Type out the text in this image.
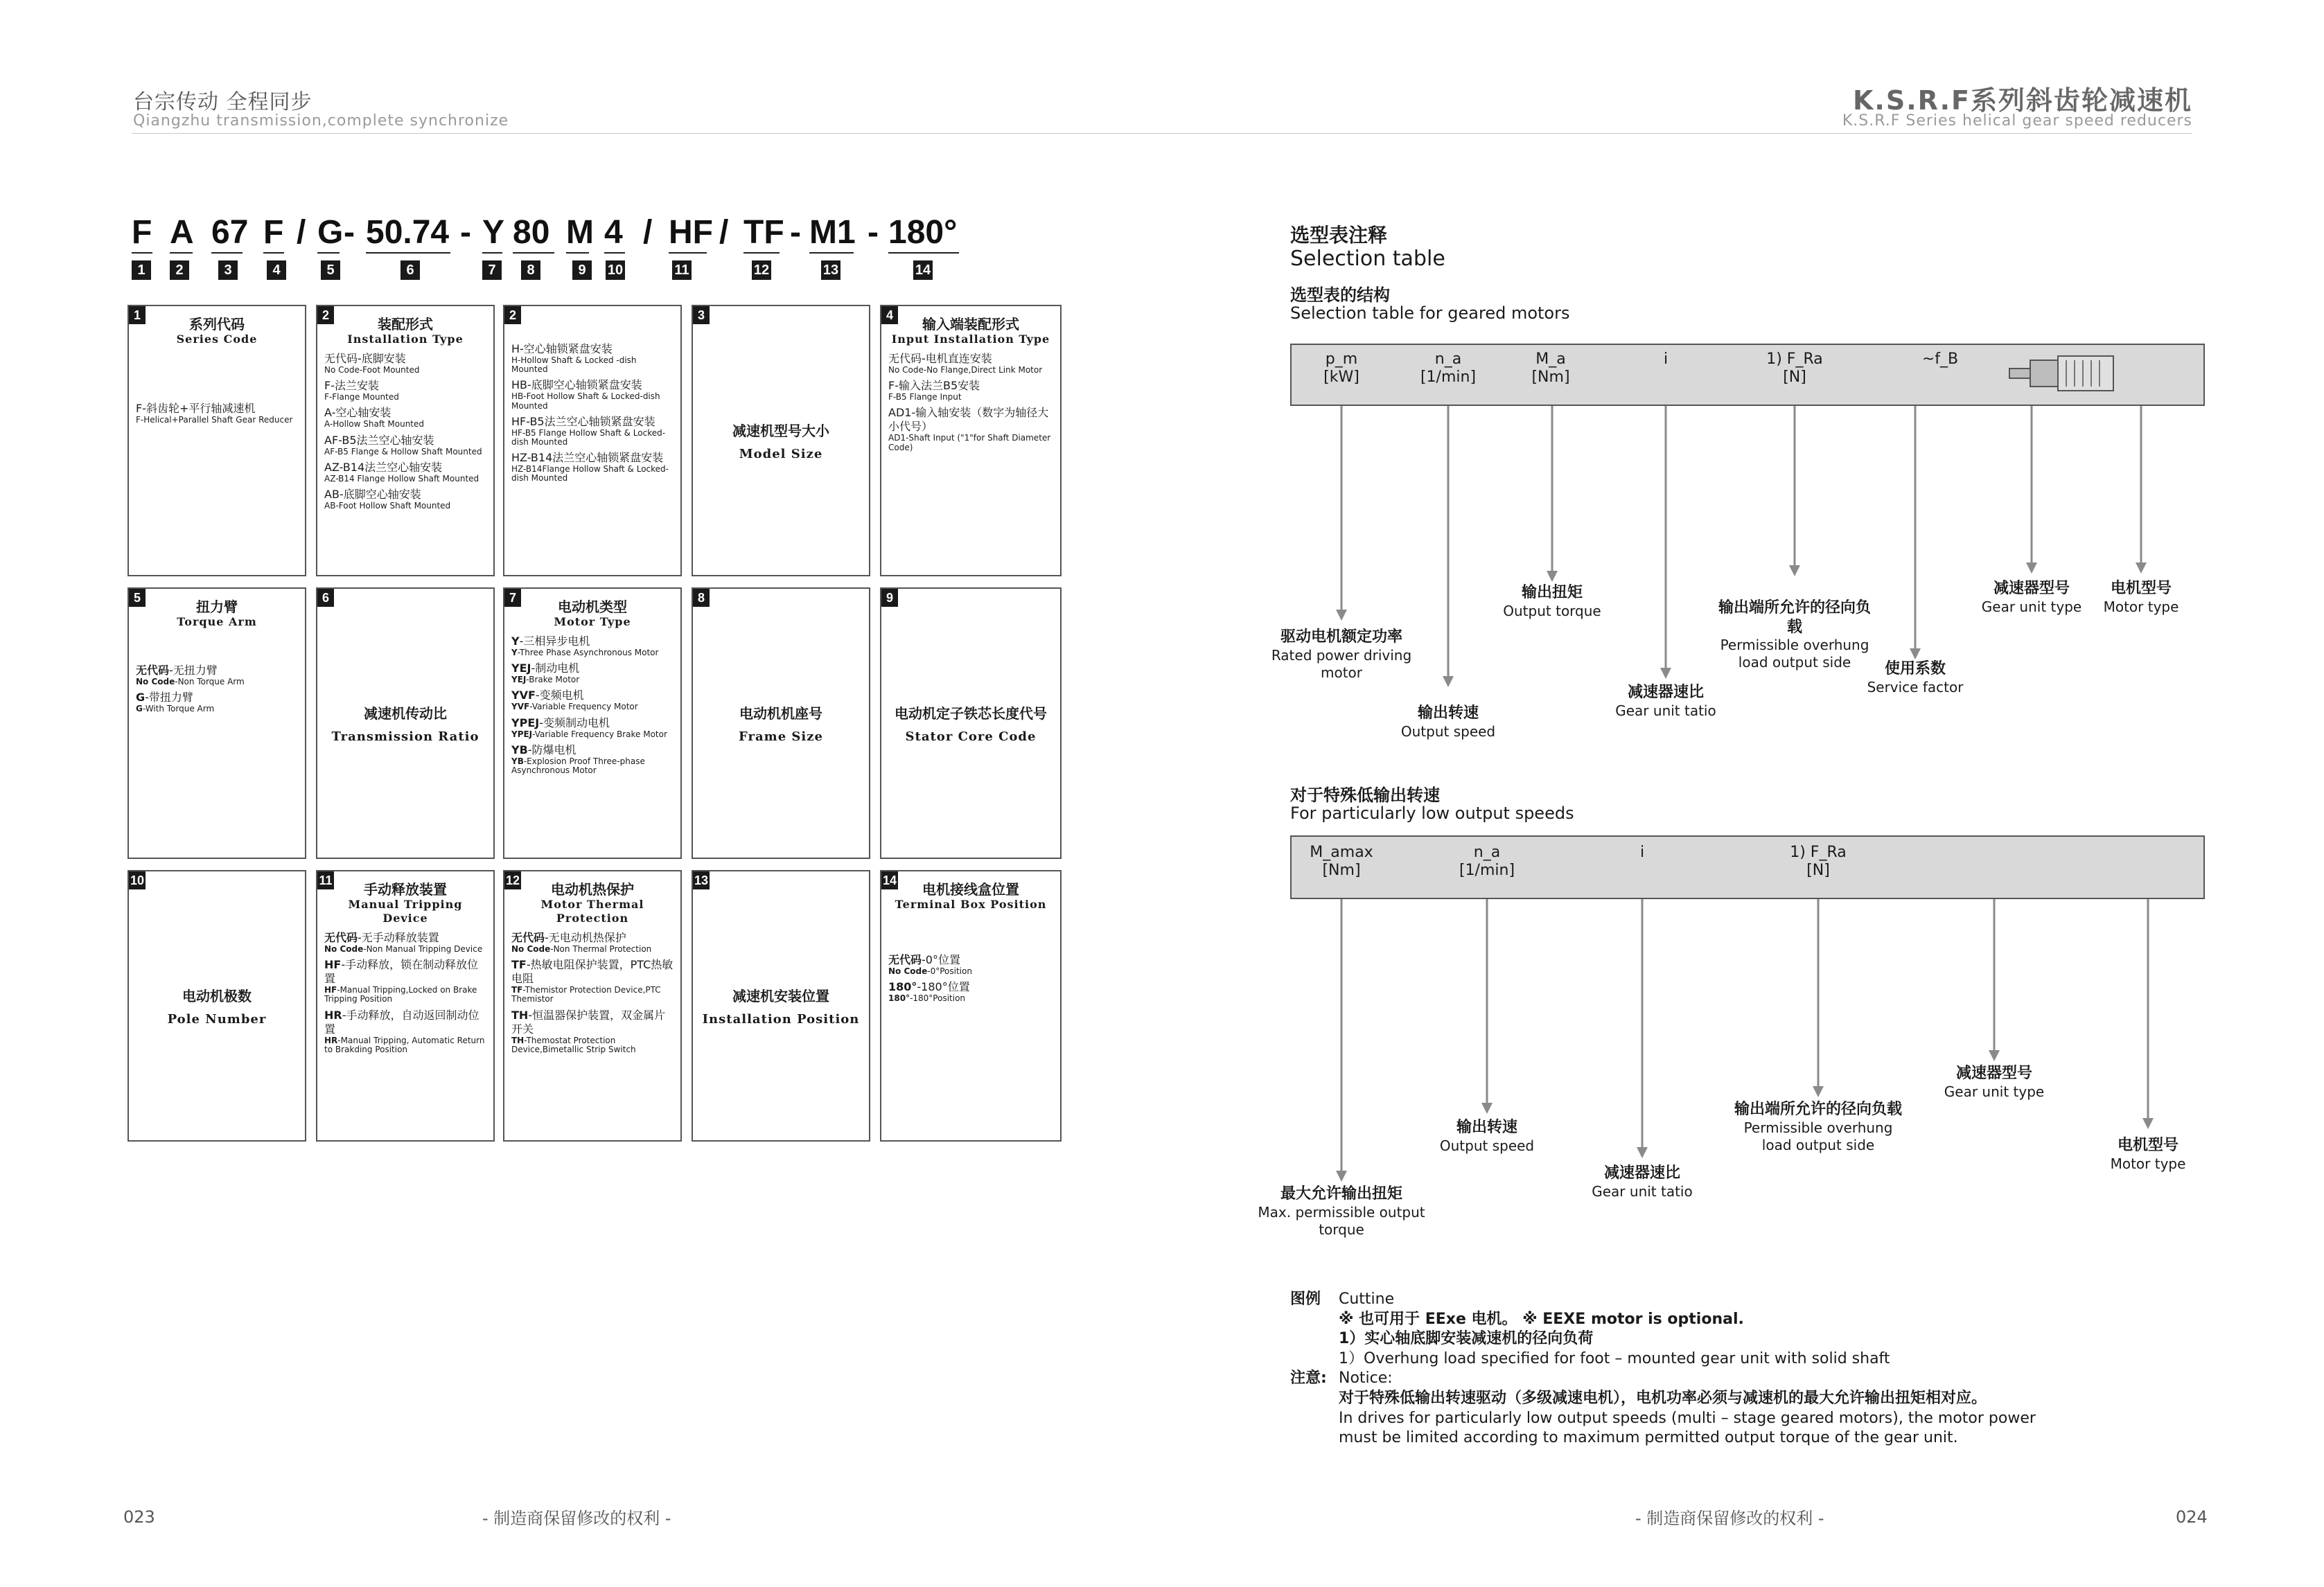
台宗传动 全程同步
Qiangzhu transmission,complete synchronize
K.S.R.F系列斜齿轮减速机
K.S.R.F Series helical gear speed reducers
F A 67 F / G - 50.74 - Y 80 M 4 / HF / TF - M1 - 180°
1	2	3	4	5	6	7	8	9	10	11	12	13	14
1
系列代码
Series Code
F-斜齿轮+平行轴减速机
F-Helical+Parallel Shaft Gear Reducer
2
装配形式
Installation Type
无代码-底脚安装
No Code-Foot Mounted
F-法兰安装
F-Flange Mounted
A-空心轴安装
A-Hollow Shaft Mounted
AF-B5法兰空心轴安装
AF-B5 Flange & Hollow Shaft Mounted
AZ-B14法兰空心轴安装
AZ-B14 Flange Hollow Shaft Mounted
AB-底脚空心轴安装
AB-Foot Hollow Shaft Mounted
2
H-空心轴锁紧盘安装
H-Hollow Shaft & Locked -dish Mounted
HB-底脚空心轴锁紧盘安装
HB-Foot Hollow Shaft & Locked-dish Mounted
HF-B5法兰空心轴锁紧盘安装
HF-B5 Flange Hollow Shaft & Locked-dish Mounted
HZ-B14法兰空心轴锁紧盘安装
HZ-B14Flange Hollow Shaft & Locked-dish Mounted
3
减速机型号大小
Model Size
4
输入端装配形式
Input Installation Type
无代码-电机直连安装
No Code-No Flange,Direct Link Motor
F-输入法兰B5安装
F-B5 Flange Input
AD1-输入轴安装（数字为轴径大小代号）
AD1-Shaft Input ("1"for Shaft Diameter Code)
5
扭力臂
Torque Arm
无代码-无扭力臂
No Code-Non Torque Arm
G-带扭力臂
G-With Torque Arm
6
减速机传动比
Transmission Ratio
7
电动机类型
Motor Type
Y-三相异步电机
Y-Three Phase Asynchronous Motor
YEJ-制动电机
YEJ-Brake Motor
YVF-变频电机
YVF-Variable Frequency Motor
YPEJ-变频制动电机
YPEJ-Variable Frequency Brake Motor
YB-防爆电机
YB-Explosion Proof Three-phase Asynchronous Motor
8
电动机机座号
Frame Size
9
电动机定子铁芯长度代号
Stator Core Code
10
电动机极数
Pole Number
11
手动释放装置
Manual Tripping Device
无代码-无手动释放装置
No Code-Non Manual Tripping Device
HF-手动释放，锁在制动释放位置
HF-Manual Tripping,Locked on Brake Tripping Position
HR-手动释放，自动返回制动位置
HR-Manual Tripping, Automatic Return to Brakding Position
12
电动机热保护
Motor Thermal Protection
无代码-无电动机热保护
No Code-Non Thermal Protection
TF-热敏电阻保护装置，PTC热敏电阻
TF-Themistor Protection Device,PTC Themistor
TH-恒温器保护装置，双金属片开关
TH-Themostat Protection Device,Bimetallic Strip Switch
13
减速机安装位置
Installation Position
14
电机接线盒位置
Terminal Box Position
无代码-0°位置
No Code-0°Position
180°-180°位置
180°-180°Position
选型表注释
Selection table
选型表的结构
Selection table for geared motors
p_m [kW]
n_a [1/min]
M_a [Nm]
i	1) F_Ra [N]
~f_B
驱动电机额定功率
Rated power driving motor
输出转速
Output speed
输出扭矩
Output torque
减速器速比
Gear unit tatio
输出端所允许的径向负载
Permissible overhung load output side	使用系数
Service factor
减速器型号
Gear unit type
电机型号
Motor type
对于特殊低输出转速
For particularly low output speeds
M_amax [Nm]
n_a [1/min]
i	1) F_Ra [N]
最大允许输出扭矩
Max. permissible output torque
输出转速
Output speed
减速器速比
Gear unit tatio
输出端所允许的径向负载
Permissible overhung load output side
减速器型号
Gear unit type
电机型号
Motor type
图例	Cuttine
※ 也可用于 EExe 电机。 ※ EEXE motor is optional.
1）实心轴底脚安装减速机的径向负荷
1）Overhung load specified for foot – mounted gear unit with solid shaft
注意: Notice:
对于特殊低输出转速驱动（多级减速电机），电机功率必须与减速机的最大允许输出扭矩相对应。
In drives for particularly low output speeds (multi – stage geared motors), the motor power
must be limited according to maximum permitted output torque of the gear unit.
023	- 制造商保留修改的权利 -	- 制造商保留修改的权利 -	024
